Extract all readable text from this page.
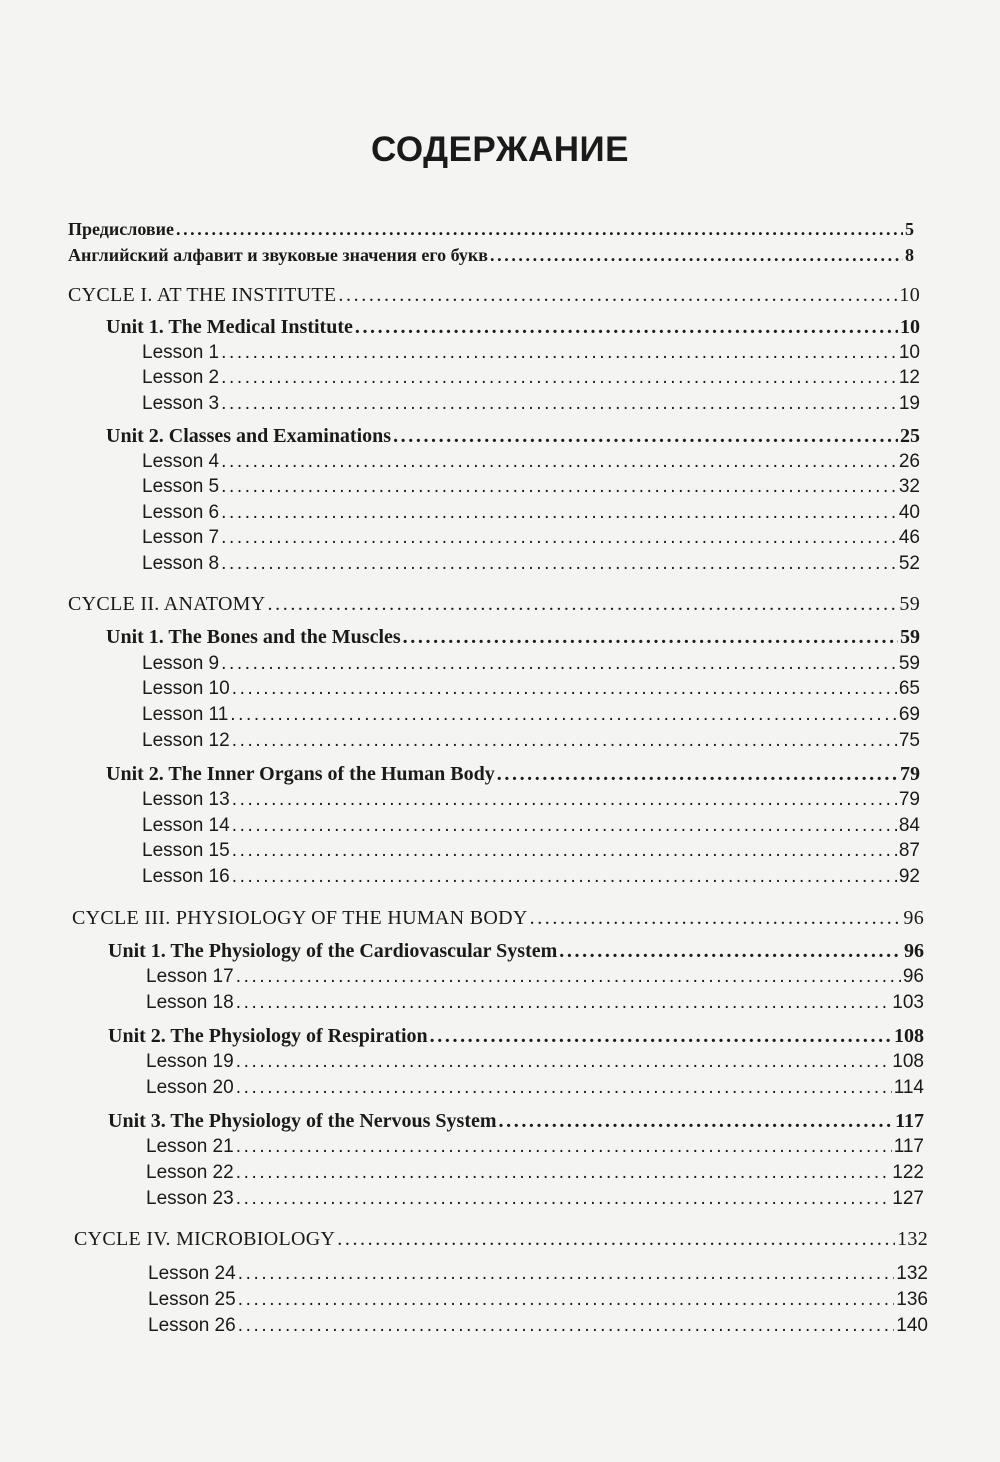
СОДЕРЖАНИЕ
Предисловие .....	5
Английский алфавит и звуковые значения его букв .....	8
CYCLE I. AT THE INSTITUTE .....	10
Unit 1. The Medical Institute .....	10
Lesson 1 .....	10
Lesson 2 .....	12
Lesson 3 .....	19
Unit 2. Classes and Examinations .....	25
Lesson 4 .....	26
Lesson 5 .....	32
Lesson 6 .....	40
Lesson 7 .....	46
Lesson 8 .....	52
CYCLE II. ANATOMY .....	59
Unit 1. The Bones and the Muscles .....	59
Lesson 9 .....	59
Lesson 10 .....	65
Lesson 11 .....	69
Lesson 12 .....	75
Unit 2. The Inner Organs of the Human Body .....	79
Lesson 13 .....	79
Lesson 14 .....	84
Lesson 15 .....	87
Lesson 16 .....	92
CYCLE III. PHYSIOLOGY OF THE HUMAN BODY .....	96
Unit 1. The Physiology of the Cardiovascular System .....	96
Lesson 17 .....	96
Lesson 18 .....	103
Unit 2. The Physiology of Respiration .....	108
Lesson 19 .....	108
Lesson 20 .....	114
Unit 3. The Physiology of the Nervous System .....	117
Lesson 21 .....	117
Lesson 22 .....	122
Lesson 23 .....	127
CYCLE IV. MICROBIOLOGY .....	132
Lesson 24 .....	132
Lesson 25 .....	136
Lesson 26 .....	140
